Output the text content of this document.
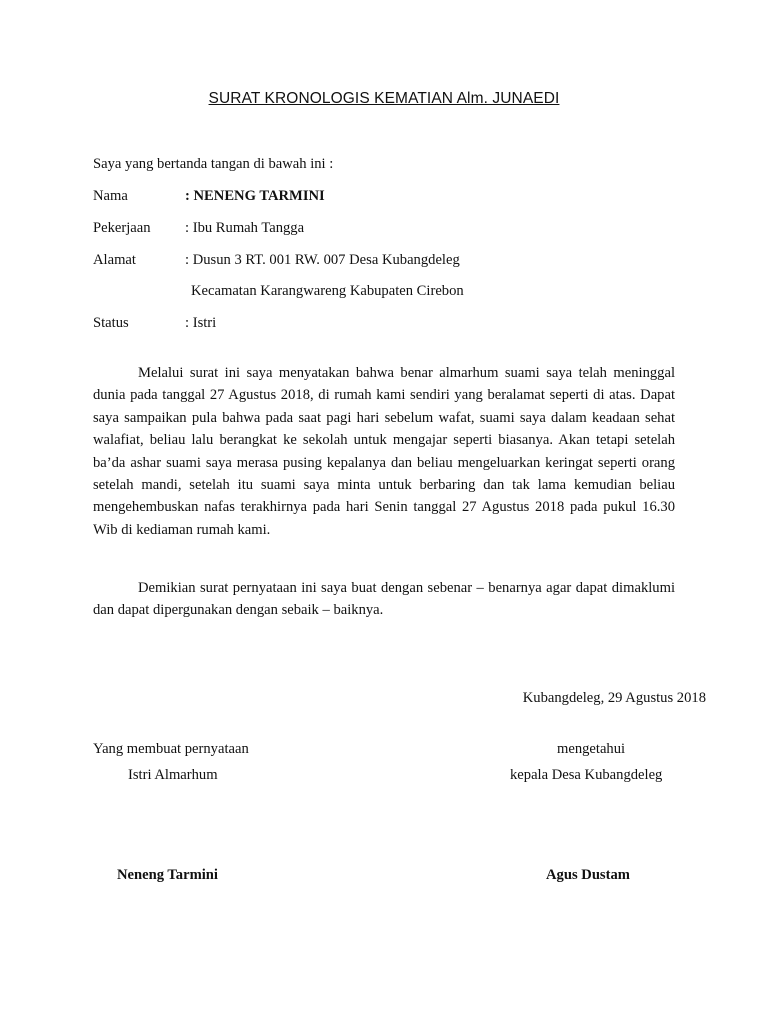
SURAT KRONOLOGIS KEMATIAN Alm. JUNAEDI
Saya yang bertanda tangan di bawah ini :
Nama	: NENENG TARMINI
Pekerjaan : Ibu Rumah Tangga
Alamat	: Dusun 3 RT. 001 RW. 007 Desa Kubangdeleg
Kecamatan Karangwareng Kabupaten Cirebon
Status	: Istri

Melalui surat ini saya menyatakan bahwa benar almarhum suami saya telah meninggal dunia pada tanggal 27 Agustus 2018, di rumah kami sendiri yang beralamat seperti di atas. Dapat saya sampaikan pula bahwa pada saat pagi hari sebelum wafat, suami saya dalam keadaan sehat walafiat, beliau lalu berangkat ke sekolah untuk mengajar seperti biasanya. Akan tetapi setelah ba’da ashar suami saya merasa pusing kepalanya dan beliau mengeluarkan keringat seperti orang setelah mandi, setelah itu suami saya minta untuk berbaring dan tak lama kemudian beliau mengehembuskan nafas terakhirnya pada hari Senin tanggal 27 Agustus 2018 pada pukul 16.30 Wib di kediaman rumah kami.

Demikian surat pernyataan ini saya buat dengan sebenar – benarnya agar dapat dimaklumi dan dapat dipergunakan dengan sebaik – baiknya.

Kubangdeleg, 29 Agustus 2018
Yang membuat pernyataan
Istri Almarhum
mengetahui
kepala Desa Kubangdeleg
Neneng Tarmini	Agus Dustam
